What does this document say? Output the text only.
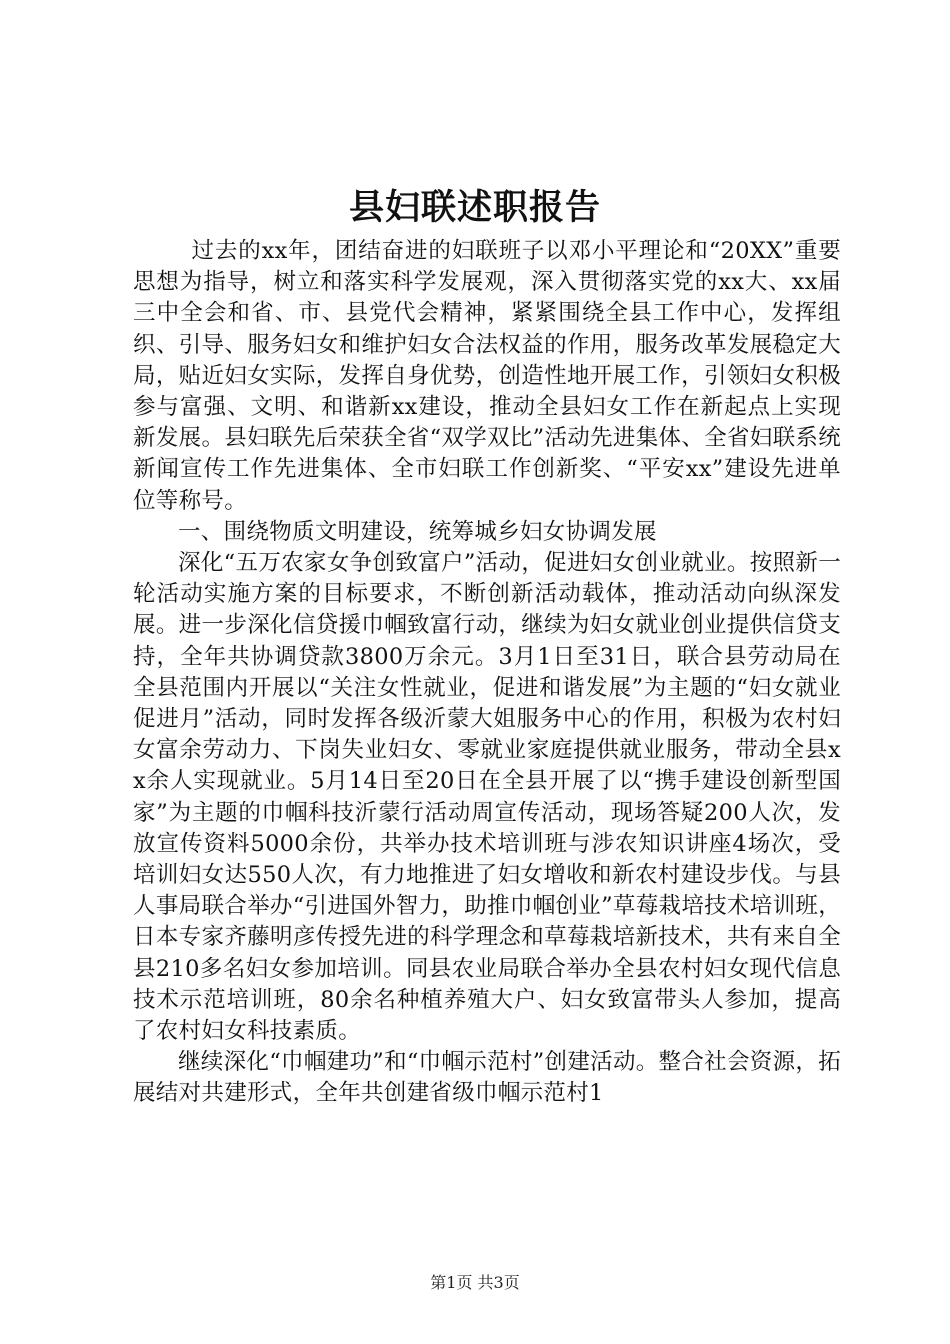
县妇联述职报告

过去的xx年，团结奋进的妇联班子以邓小平理论和“20XX”重要思想为指导，树立和落实科学发展观，深入贯彻落实党的xx大、xx届三中全会和省、市、县党代会精神，紧紧围绕全县工作中心，发挥组织、引导、服务妇女和维护妇女合法权益的作用，服务改革发展稳定大局，贴近妇女实际，发挥自身优势，创造性地开展工作，引领妇女积极参与富强、文明、和谐新xx建设，推动全县妇女工作在新起点上实现新发展。县妇联先后荣获全省“双学双比”活动先进集体、全省妇联系统新闻宣传工作先进集体、全市妇联工作创新奖、“平安xx”建设先进单位等称号。

一、围绕物质文明建设，统筹城乡妇女协调发展

深化“五万农家女争创致富户”活动，促进妇女创业就业。按照新一轮活动实施方案的目标要求，不断创新活动载体，推动活动向纵深发展。进一步深化信贷援巾帼致富行动，继续为妇女就业创业提供信贷支持，全年共协调贷款3800万余元。3月1日至31日，联合县劳动局在全县范围内开展以“关注女性就业，促进和谐发展”为主题的“妇女就业促进月”活动，同时发挥各级沂蒙大姐服务中心的作用，积极为农村妇女富余劳动力、下岗失业妇女、零就业家庭提供就业服务，带动全县xx余人实现就业。5月14日至20日在全县开展了以“携手建设创新型国家”为主题的巾帼科技沂蒙行活动周宣传活动，现场答疑200人次，发放宣传资料5000余份，共举办技术培训班与涉农知识讲座4场次，受培训妇女达550人次，有力地推进了妇女增收和新农村建设步伐。与县人事局联合举办“引进国外智力，助推巾帼创业”草莓栽培技术培训班，日本专家齐藤明彦传授先进的科学理念和草莓栽培新技术，共有来自全县210多名妇女参加培训。同县农业局联合举办全县农村妇女现代信息技术示范培训班，80余名种植养殖大户、妇女致富带头人参加，提高了农村妇女科技素质。

继续深化“巾帼建功”和“巾帼示范村”创建活动。整合社会资源，拓展结对共建形式，全年共创建省级巾帼示范村1

第1页 共3页
